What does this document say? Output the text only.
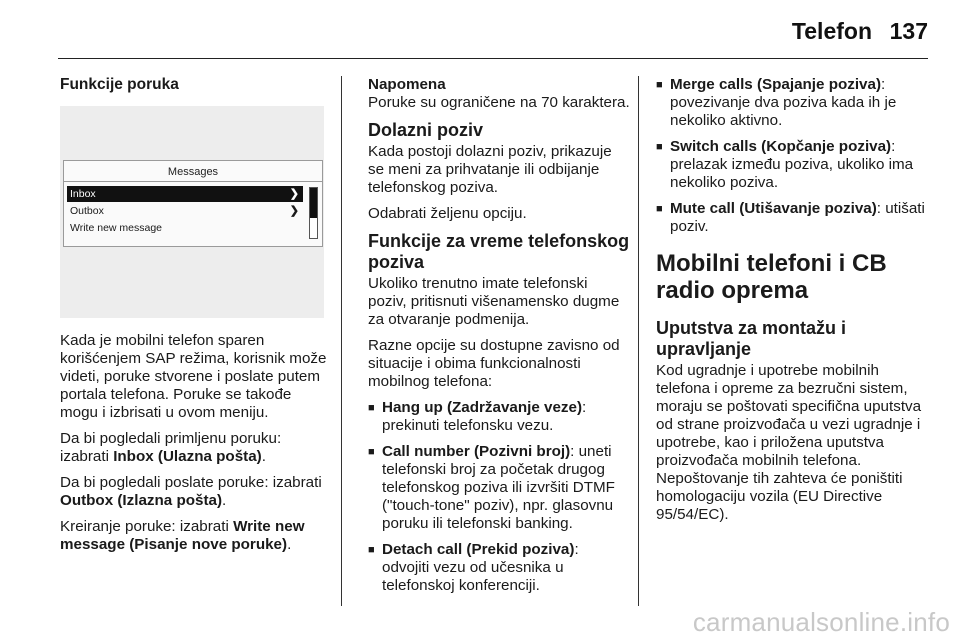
Telefon 137
Funkcije poruka
Messages
Inbox	❯
Outbox	❯
Write new message

Kada je mobilni telefon sparen korišćenjem SAP režima, korisnik može videti, poruke stvorene i poslate putem portala telefona. Poruke se takođe mogu i izbrisati u ovom meniju.

Da bi pogledali primljenu poruku: izabrati Inbox (Ulazna pošta).

Da bi pogledali poslate poruke: izabrati Outbox (Izlazna pošta).

Kreiranje poruke: izabrati Write new message (Pisanje nove poruke).

Napomena

Poruke su ograničene na 70 karaktera.

Dolazni poziv

Kada postoji dolazni poziv, prikazuje se meni za prihvatanje ili odbijanje telefonskog poziva.

Odabrati željenu opciju.

Funkcije za vreme telefonskog poziva

Ukoliko trenutno imate telefonski poziv, pritisnuti višenamensko dugme za otvaranje podmenija.

Razne opcije su dostupne zavisno od situacije i obima funkcionalnosti mobilnog telefona:

■ Hang up (Zadržavanje veze): prekinuti telefonsku vezu.
■ Call number (Pozivni broj): uneti telefonski broj za početak drugog telefonskog poziva ili izvršiti DTMF ("touch-tone" poziv), npr. glasovnu poruku ili telefonski banking.
■ Detach call (Prekid poziva): odvojiti vezu od učesnika u telefonskoj konferenciji.
■ Merge calls (Spajanje poziva): povezivanje dva poziva kada ih je nekoliko aktivno.
■ Switch calls (Kopčanje poziva): prelazak između poziva, ukoliko ima nekoliko poziva.
■ Mute call (Utišavanje poziva): utišati poziv.
Mobilni telefoni i CB radio oprema
Uputstva za montažu i upravljanje

Kod ugradnje i upotrebe mobilnih telefona i opreme za bezručni sistem, moraju se poštovati specifična uputstva od strane proizvođača u vezi ugradnje i upotrebe, kao i priložena uputstva proizvođača mobilnih telefona. Nepoštovanje tih zahteva će poništiti homologaciju vozila (EU Directive 95/54/EC).

carmanualsonline.info
